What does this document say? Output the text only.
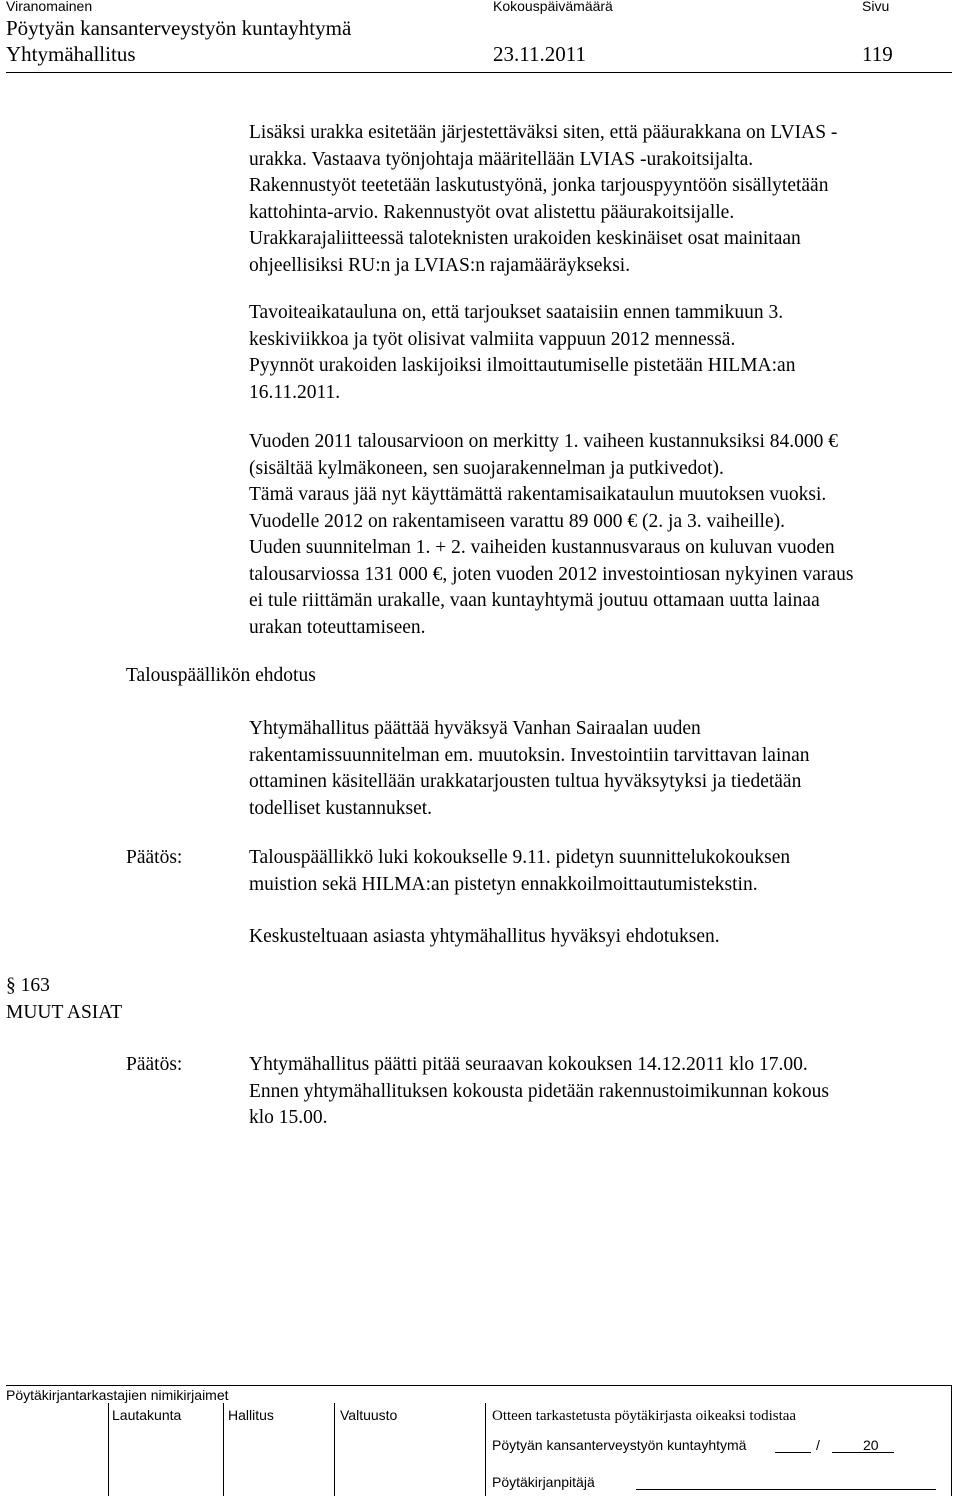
Viranomainen	Kokouspäivämäärä	Sivu
Pöytyän kansanterveystyön kuntayhtymä
Yhtymähallitus	23.11.2011	119
Lisäksi urakka esitetään järjestettäväksi siten, että pääurakkana on LVIAS -
urakka. Vastaava työnjohtaja määritellään LVIAS -urakoitsijalta.
Rakennustyöt teetetään laskutustyönä, jonka tarjouspyyntöön sisällytetään
kattohinta-arvio. Rakennustyöt ovat alistettu pääurakoitsijalle.
Urakkarajaliitteessä taloteknisten urakoiden keskinäiset osat mainitaan
ohjeellisiksi RU:n ja LVIAS:n rajamääräykseksi.
Tavoiteaikatauluna on, että tarjoukset saataisiin ennen tammikuun 3.
keskiviikkoa ja työt olisivat valmiita vappuun 2012 mennessä.
Pyynnöt urakoiden laskijoiksi ilmoittautumiselle pistetään HILMA:an
16.11.2011.
Vuoden 2011 talousarvioon on merkitty 1. vaiheen kustannuksiksi 84.000 €
(sisältää kylmäkoneen, sen suojarakennelman ja putkivedot).
Tämä varaus jää nyt käyttämättä rakentamisaikataulun muutoksen vuoksi.
Vuodelle 2012 on rakentamiseen varattu 89 000 € (2. ja 3. vaiheille).
Uuden suunnitelman 1. + 2. vaiheiden kustannusvaraus on kuluvan vuoden
talousarviossa 131 000 €, joten vuoden 2012 investointiosan nykyinen varaus
ei tule riittämän urakalle, vaan kuntayhtymä joutuu ottamaan uutta lainaa
urakan toteuttamiseen.
Talouspäällikön ehdotus
Yhtymähallitus päättää hyväksyä Vanhan Sairaalan uuden
rakentamissuunnitelman em. muutoksin. Investointiin tarvittavan lainan
ottaminen käsitellään urakkatarjousten tultua hyväksytyksi ja tiedetään
todelliset kustannukset.
Päätös:	Talouspäällikkö luki kokoukselle 9.11. pidetyn suunnittelukokouksen
muistion sekä HILMA:an pistetyn ennakkoilmoittautumistekstin.
Keskusteltuaan asiasta yhtymähallitus hyväksyi ehdotuksen.
§ 163
MUUT ASIAT
Päätös:	Yhtymähallitus päätti pitää seuraavan kokouksen 14.12.2011 klo 17.00.
Ennen yhtymähallituksen kokousta pidetään rakennustoimikunnan kokous
klo 15.00.
Pöytäkirjantarkastajien nimikirjaimet
Lautakunta	Hallitus	Valtuusto	Otteen tarkastetusta pöytäkirjasta oikeaksi todistaa
Pöytyän kansanterveystyön kuntayhtymä	/	20
Pöytäkirjanpitäjä
